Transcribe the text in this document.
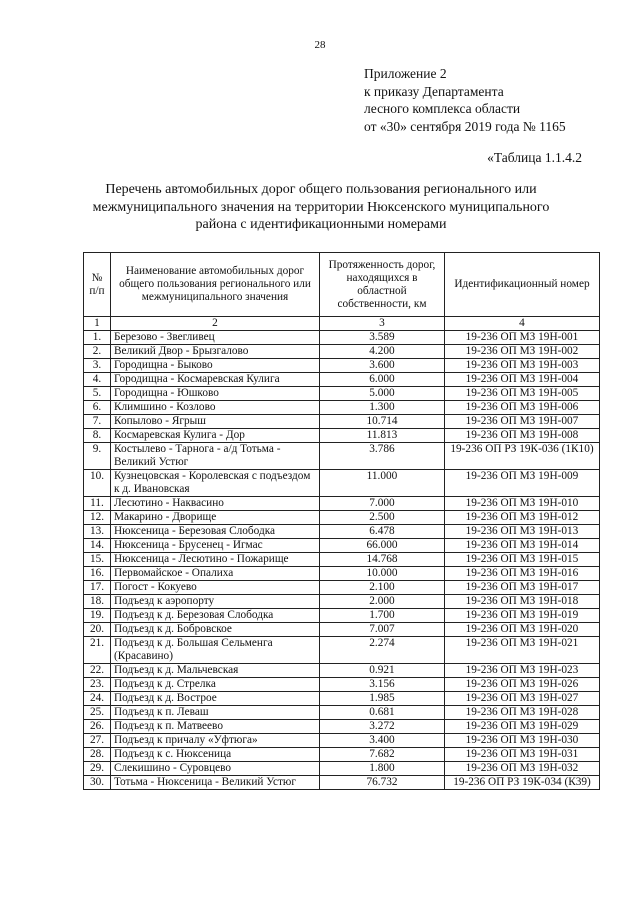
28
Приложение 2
к приказу Департамента
лесного комплекса области
от «30» сентября 2019 года № 1165
«Таблица 1.1.4.2
Перечень автомобильных дорог общего пользования регионального или
межмуниципального значения на территории Нюксенского муниципального
района с идентификационными номерами
№ п/п	Наименование автомобильных дорог общего пользования регионального или межмуниципального значения	Протяженность дорог, находящихся в областной собственности, км	Идентификационный номер
1	2	3	4
1.	Березово - Звегливец	3.589	19-236 ОП МЗ 19Н-001
2.	Великий Двор - Брызгалово	4.200	19-236 ОП МЗ 19Н-002
3.	Городищна - Быково	3.600	19-236 ОП МЗ 19Н-003
4.	Городищна - Космаревская Кулига	6.000	19-236 ОП МЗ 19Н-004
5.	Городищна - Юшково	5.000	19-236 ОП МЗ 19Н-005
6.	Климшино - Козлово	1.300	19-236 ОП МЗ 19Н-006
7.	Копылово - Ягрыш	10.714	19-236 ОП МЗ 19Н-007
8.	Космаревская Кулига - Дор	11.813	19-236 ОП МЗ 19Н-008
9.	Костылево - Тарнога - а/д Тотьма - Великий Устюг	3.786	19-236 ОП РЗ 19К-036 (1К10)
10.	Кузнецовская - Королевская с подъездом к д. Ивановская	11.000	19-236 ОП МЗ 19Н-009
11.	Лесютино - Наквасино	7.000	19-236 ОП МЗ 19Н-010
12.	Макарино - Дворище	2.500	19-236 ОП МЗ 19Н-012
13.	Нюксеница - Березовая Слободка	6.478	19-236 ОП МЗ 19Н-013
14.	Нюксеница - Брусенец - Игмас	66.000	19-236 ОП МЗ 19Н-014
15.	Нюксеница - Лесютино - Пожарище	14.768	19-236 ОП МЗ 19Н-015
16.	Первомайское - Опалиха	10.000	19-236 ОП МЗ 19Н-016
17.	Погост - Кокуево	2.100	19-236 ОП МЗ 19Н-017
18.	Подъезд к аэропорту	2.000	19-236 ОП МЗ 19Н-018
19.	Подъезд к д. Березовая Слободка	1.700	19-236 ОП МЗ 19Н-019
20.	Подъезд к д. Бобровское	7.007	19-236 ОП МЗ 19Н-020
21.	Подъезд к д. Большая Сельменга (Красавино)	2.274	19-236 ОП МЗ 19Н-021
22.	Подъезд к д. Мальчевская	0.921	19-236 ОП МЗ 19Н-023
23.	Подъезд к д. Стрелка	3.156	19-236 ОП МЗ 19Н-026
24.	Подъезд к д. Вострое	1.985	19-236 ОП МЗ 19Н-027
25.	Подъезд к п. Леваш	0.681	19-236 ОП МЗ 19Н-028
26.	Подъезд к п. Матвеево	3.272	19-236 ОП МЗ 19Н-029
27.	Подъезд к причалу «Уфтюга»	3.400	19-236 ОП МЗ 19Н-030
28.	Подъезд к с. Нюксеница	7.682	19-236 ОП МЗ 19Н-031
29.	Слекишино - Суровцево	1.800	19-236 ОП МЗ 19Н-032
30.	Тотьма - Нюксеница - Великий Устюг	76.732	19-236 ОП РЗ 19К-034 (К39)
